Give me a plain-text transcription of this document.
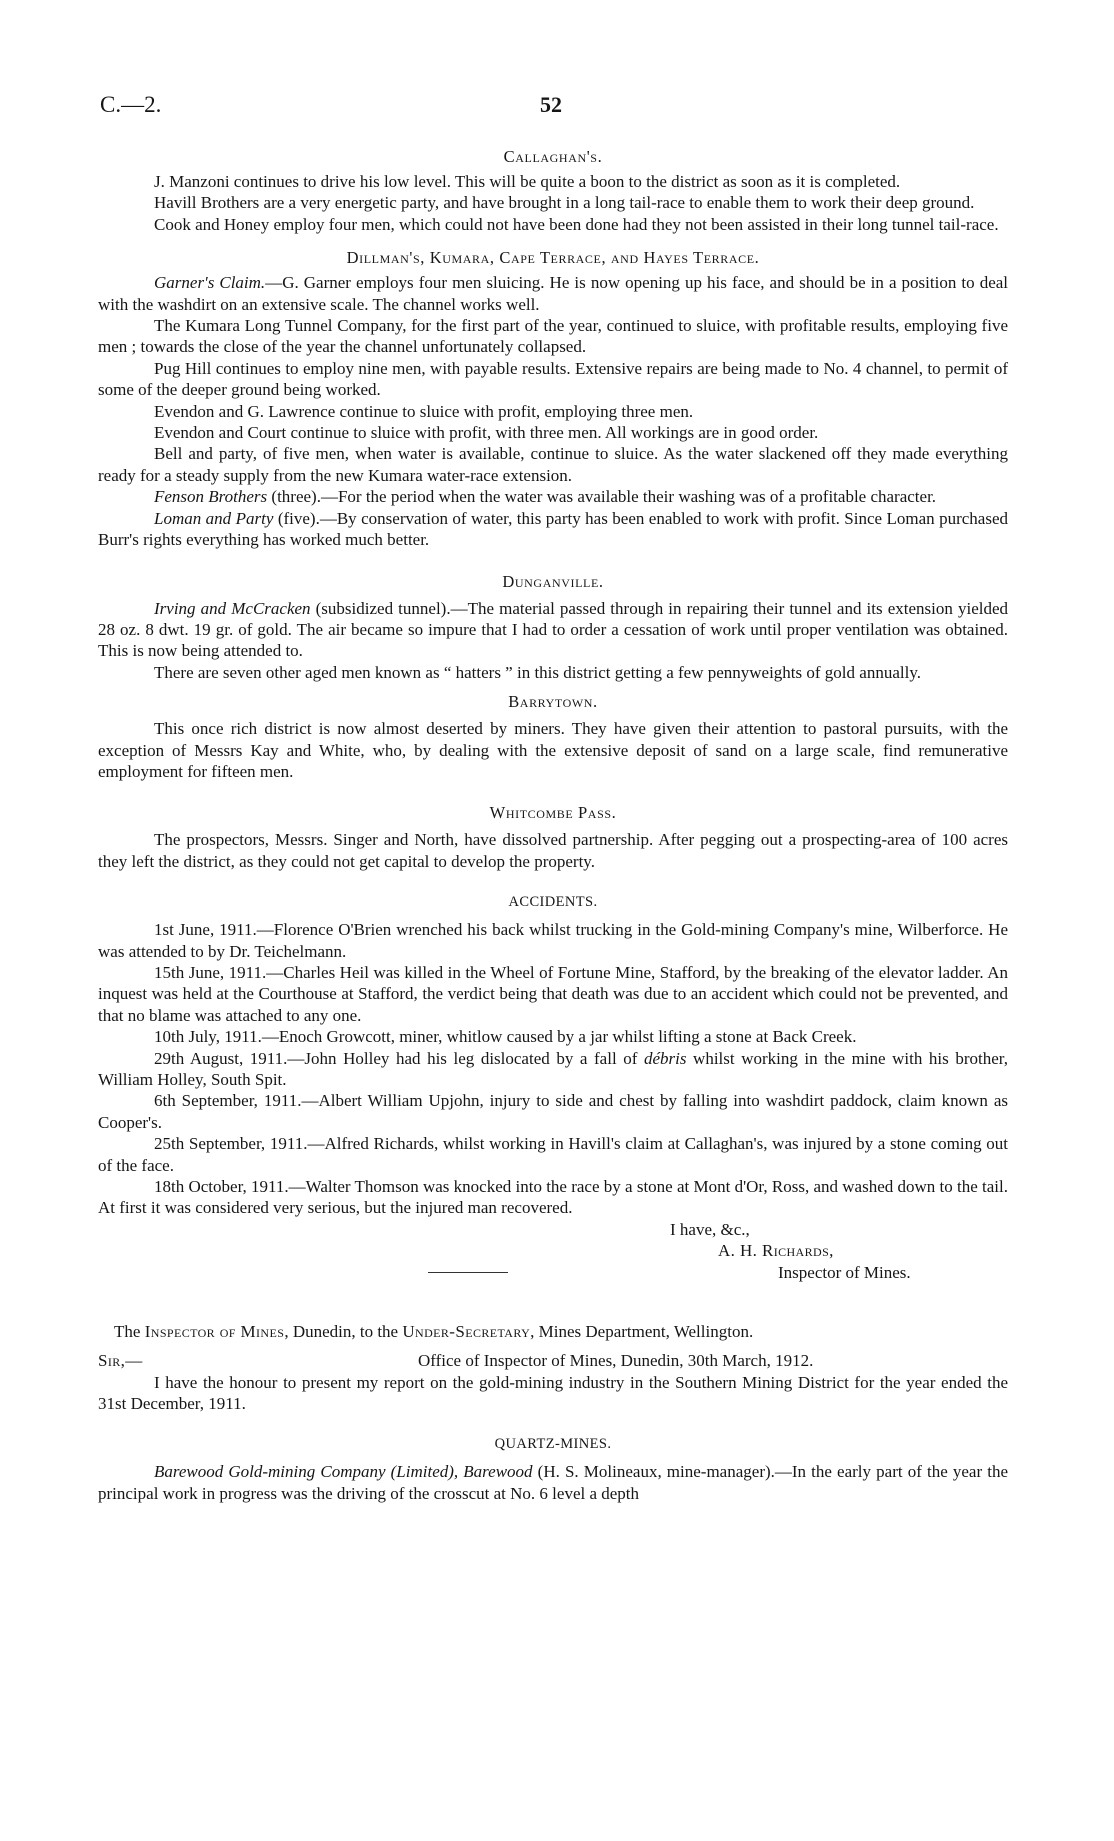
C.—2.	52
Callaghan's.

J. Manzoni continues to drive his low level. This will be quite a boon to the district as soon as it is completed.

Havill Brothers are a very energetic party, and have brought in a long tail-race to enable them to work their deep ground.

Cook and Honey employ four men, which could not have been done had they not been assisted in their long tunnel tail-race.

Dillman's, Kumara, Cape Terrace, and Hayes Terrace.

Garner's Claim.—G. Garner employs four men sluicing. He is now opening up his face, and should be in a position to deal with the washdirt on an extensive scale. The channel works well.

The Kumara Long Tunnel Company, for the first part of the year, continued to sluice, with profitable results, employing five men ; towards the close of the year the channel unfortunately collapsed.

Pug Hill continues to employ nine men, with payable results. Extensive repairs are being made to No. 4 channel, to permit of some of the deeper ground being worked.

Evendon and G. Lawrence continue to sluice with profit, employing three men.

Evendon and Court continue to sluice with profit, with three men. All workings are in good order.

Bell and party, of five men, when water is available, continue to sluice. As the water slackened off they made everything ready for a steady supply from the new Kumara water-race extension.

Fenson Brothers (three).—For the period when the water was available their washing was of a profitable character.

Loman and Party (five).—By conservation of water, this party has been enabled to work with profit. Since Loman purchased Burr's rights everything has worked much better.

Dunganville.

Irving and McCracken (subsidized tunnel).—The material passed through in repairing their tunnel and its extension yielded 28 oz. 8 dwt. 19 gr. of gold. The air became so impure that I had to order a cessation of work until proper ventilation was obtained. This is now being attended to.

There are seven other aged men known as “ hatters ” in this district getting a few pennyweights of gold annually.

Barrytown.

This once rich district is now almost deserted by miners. They have given their attention to pastoral pursuits, with the exception of Messrs Kay and White, who, by dealing with the extensive deposit of sand on a large scale, find remunerative employment for fifteen men.

Whitcombe Pass.

The prospectors, Messrs. Singer and North, have dissolved partnership. After pegging out a prospecting-area of 100 acres they left the district, as they could not get capital to develop the property.

ACCIDENTS.

1st June, 1911.—Florence O'Brien wrenched his back whilst trucking in the Gold-mining Company's mine, Wilberforce. He was attended to by Dr. Teichelmann.

15th June, 1911.—Charles Heil was killed in the Wheel of Fortune Mine, Stafford, by the breaking of the elevator ladder. An inquest was held at the Courthouse at Stafford, the verdict being that death was due to an accident which could not be prevented, and that no blame was attached to any one.

10th July, 1911.—Enoch Growcott, miner, whitlow caused by a jar whilst lifting a stone at Back Creek.

29th August, 1911.—John Holley had his leg dislocated by a fall of débris whilst working in the mine with his brother, William Holley, South Spit.

6th September, 1911.—Albert William Upjohn, injury to side and chest by falling into washdirt paddock, claim known as Cooper's.

25th September, 1911.—Alfred Richards, whilst working in Havill's claim at Callaghan's, was injured by a stone coming out of the face.

18th October, 1911.—Walter Thomson was knocked into the race by a stone at Mont d'Or, Ross, and washed down to the tail. At first it was considered very serious, but the injured man recovered.

I have, &c.,
A. H. Richards,
Inspector of Mines.

The Inspector of Mines, Dunedin, to the Under-Secretary, Mines Department, Wellington.

Sir,—	Office of Inspector of Mines, Dunedin, 30th March, 1912.

I have the honour to present my report on the gold-mining industry in the Southern Mining District for the year ended the 31st December, 1911.

QUARTZ-MINES.

Barewood Gold-mining Company (Limited), Barewood (H. S. Molineaux, mine-manager).—In the early part of the year the principal work in progress was the driving of the crosscut at No. 6 level a depth
